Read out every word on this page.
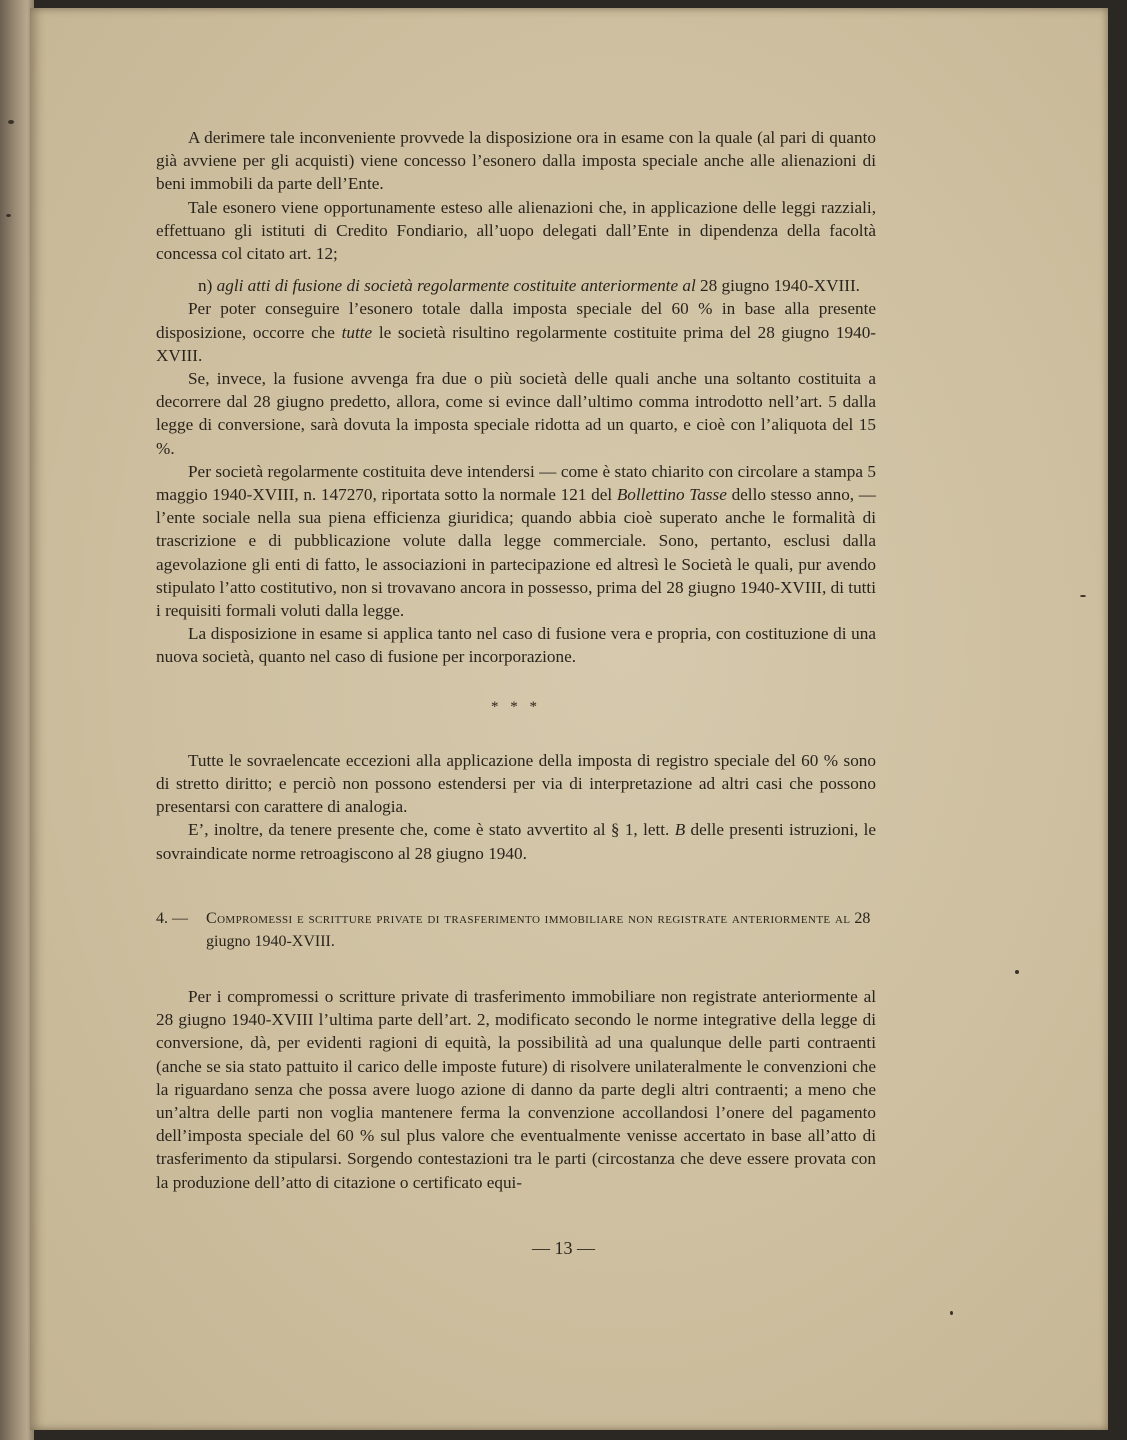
A derimere tale inconveniente provvede la disposizione ora in esame con la quale (al pari di quanto già avviene per gli acquisti) viene concesso l’esonero dalla imposta speciale anche alle alienazioni di beni immobili da parte dell’Ente.

Tale esonero viene opportunamente esteso alle alienazioni che, in applicazione delle leggi razziali, effettuano gli istituti di Credito Fondiario, all’uopo delegati dall’Ente in dipendenza della facoltà concessa col citato art. 12;

n) agli atti di fusione di società regolarmente costituite anteriormente al 28 giugno 1940-XVIII.

Per poter conseguire l’esonero totale dalla imposta speciale del 60 % in base alla presente disposizione, occorre che tutte le società risultino regolarmente costituite prima del 28 giugno 1940-XVIII.

Se, invece, la fusione avvenga fra due o più società delle quali anche una soltanto costituita a decorrere dal 28 giugno predetto, allora, come si evince dall’ultimo comma introdotto nell’art. 5 dalla legge di conversione, sarà dovuta la imposta speciale ridotta ad un quarto, e cioè con l’aliquota del 15 %.

Per società regolarmente costituita deve intendersi — come è stato chiarito con circolare a stampa 5 maggio 1940-XVIII, n. 147270, riportata sotto la normale 121 del Bollettino Tasse dello stesso anno, — l’ente sociale nella sua piena efficienza giuridica; quando abbia cioè superato anche le formalità di trascrizione e di pubblicazione volute dalla legge commerciale. Sono, pertanto, esclusi dalla agevolazione gli enti di fatto, le associazioni in partecipazione ed altresì le Società le quali, pur avendo stipulato l’atto costitutivo, non si trovavano ancora in possesso, prima del 28 giugno 1940-XVIII, di tutti i requisiti formali voluti dalla legge.

La disposizione in esame si applica tanto nel caso di fusione vera e propria, con costituzione di una nuova società, quanto nel caso di fusione per incorporazione.

* * *

Tutte le sovraelencate eccezioni alla applicazione della imposta di registro speciale del 60 % sono di stretto diritto; e perciò non possono estendersi per via di interpretazione ad altri casi che possono presentarsi con carattere di analogia.

E’, inoltre, da tenere presente che, come è stato avvertito al § 1, lett. B delle presenti istruzioni, le sovraindicate norme retroagiscono al 28 giugno 1940.

4. — Compromessi e scritture private di trasferimento immobiliare non registrate anteriormente al 28 giugno 1940-XVIII.

Per i compromessi o scritture private di trasferimento immobiliare non registrate anteriormente al 28 giugno 1940-XVIII l’ultima parte dell’art. 2, modificato secondo le norme integrative della legge di conversione, dà, per evidenti ragioni di equità, la possibilità ad una qualunque delle parti contraenti (anche se sia stato pattuito il carico delle imposte future) di risolvere unilateralmente le convenzioni che la riguardano senza che possa avere luogo azione di danno da parte degli altri contraenti; a meno che un’altra delle parti non voglia mantenere ferma la convenzione accollandosi l’onere del pagamento dell’imposta speciale del 60 % sul plus valore che eventualmente venisse accertato in base all’atto di trasferimento da stipularsi. Sorgendo contestazioni tra le parti (circostanza che deve essere provata con la produzione dell’atto di citazione o certificato equi-

— 13 —
